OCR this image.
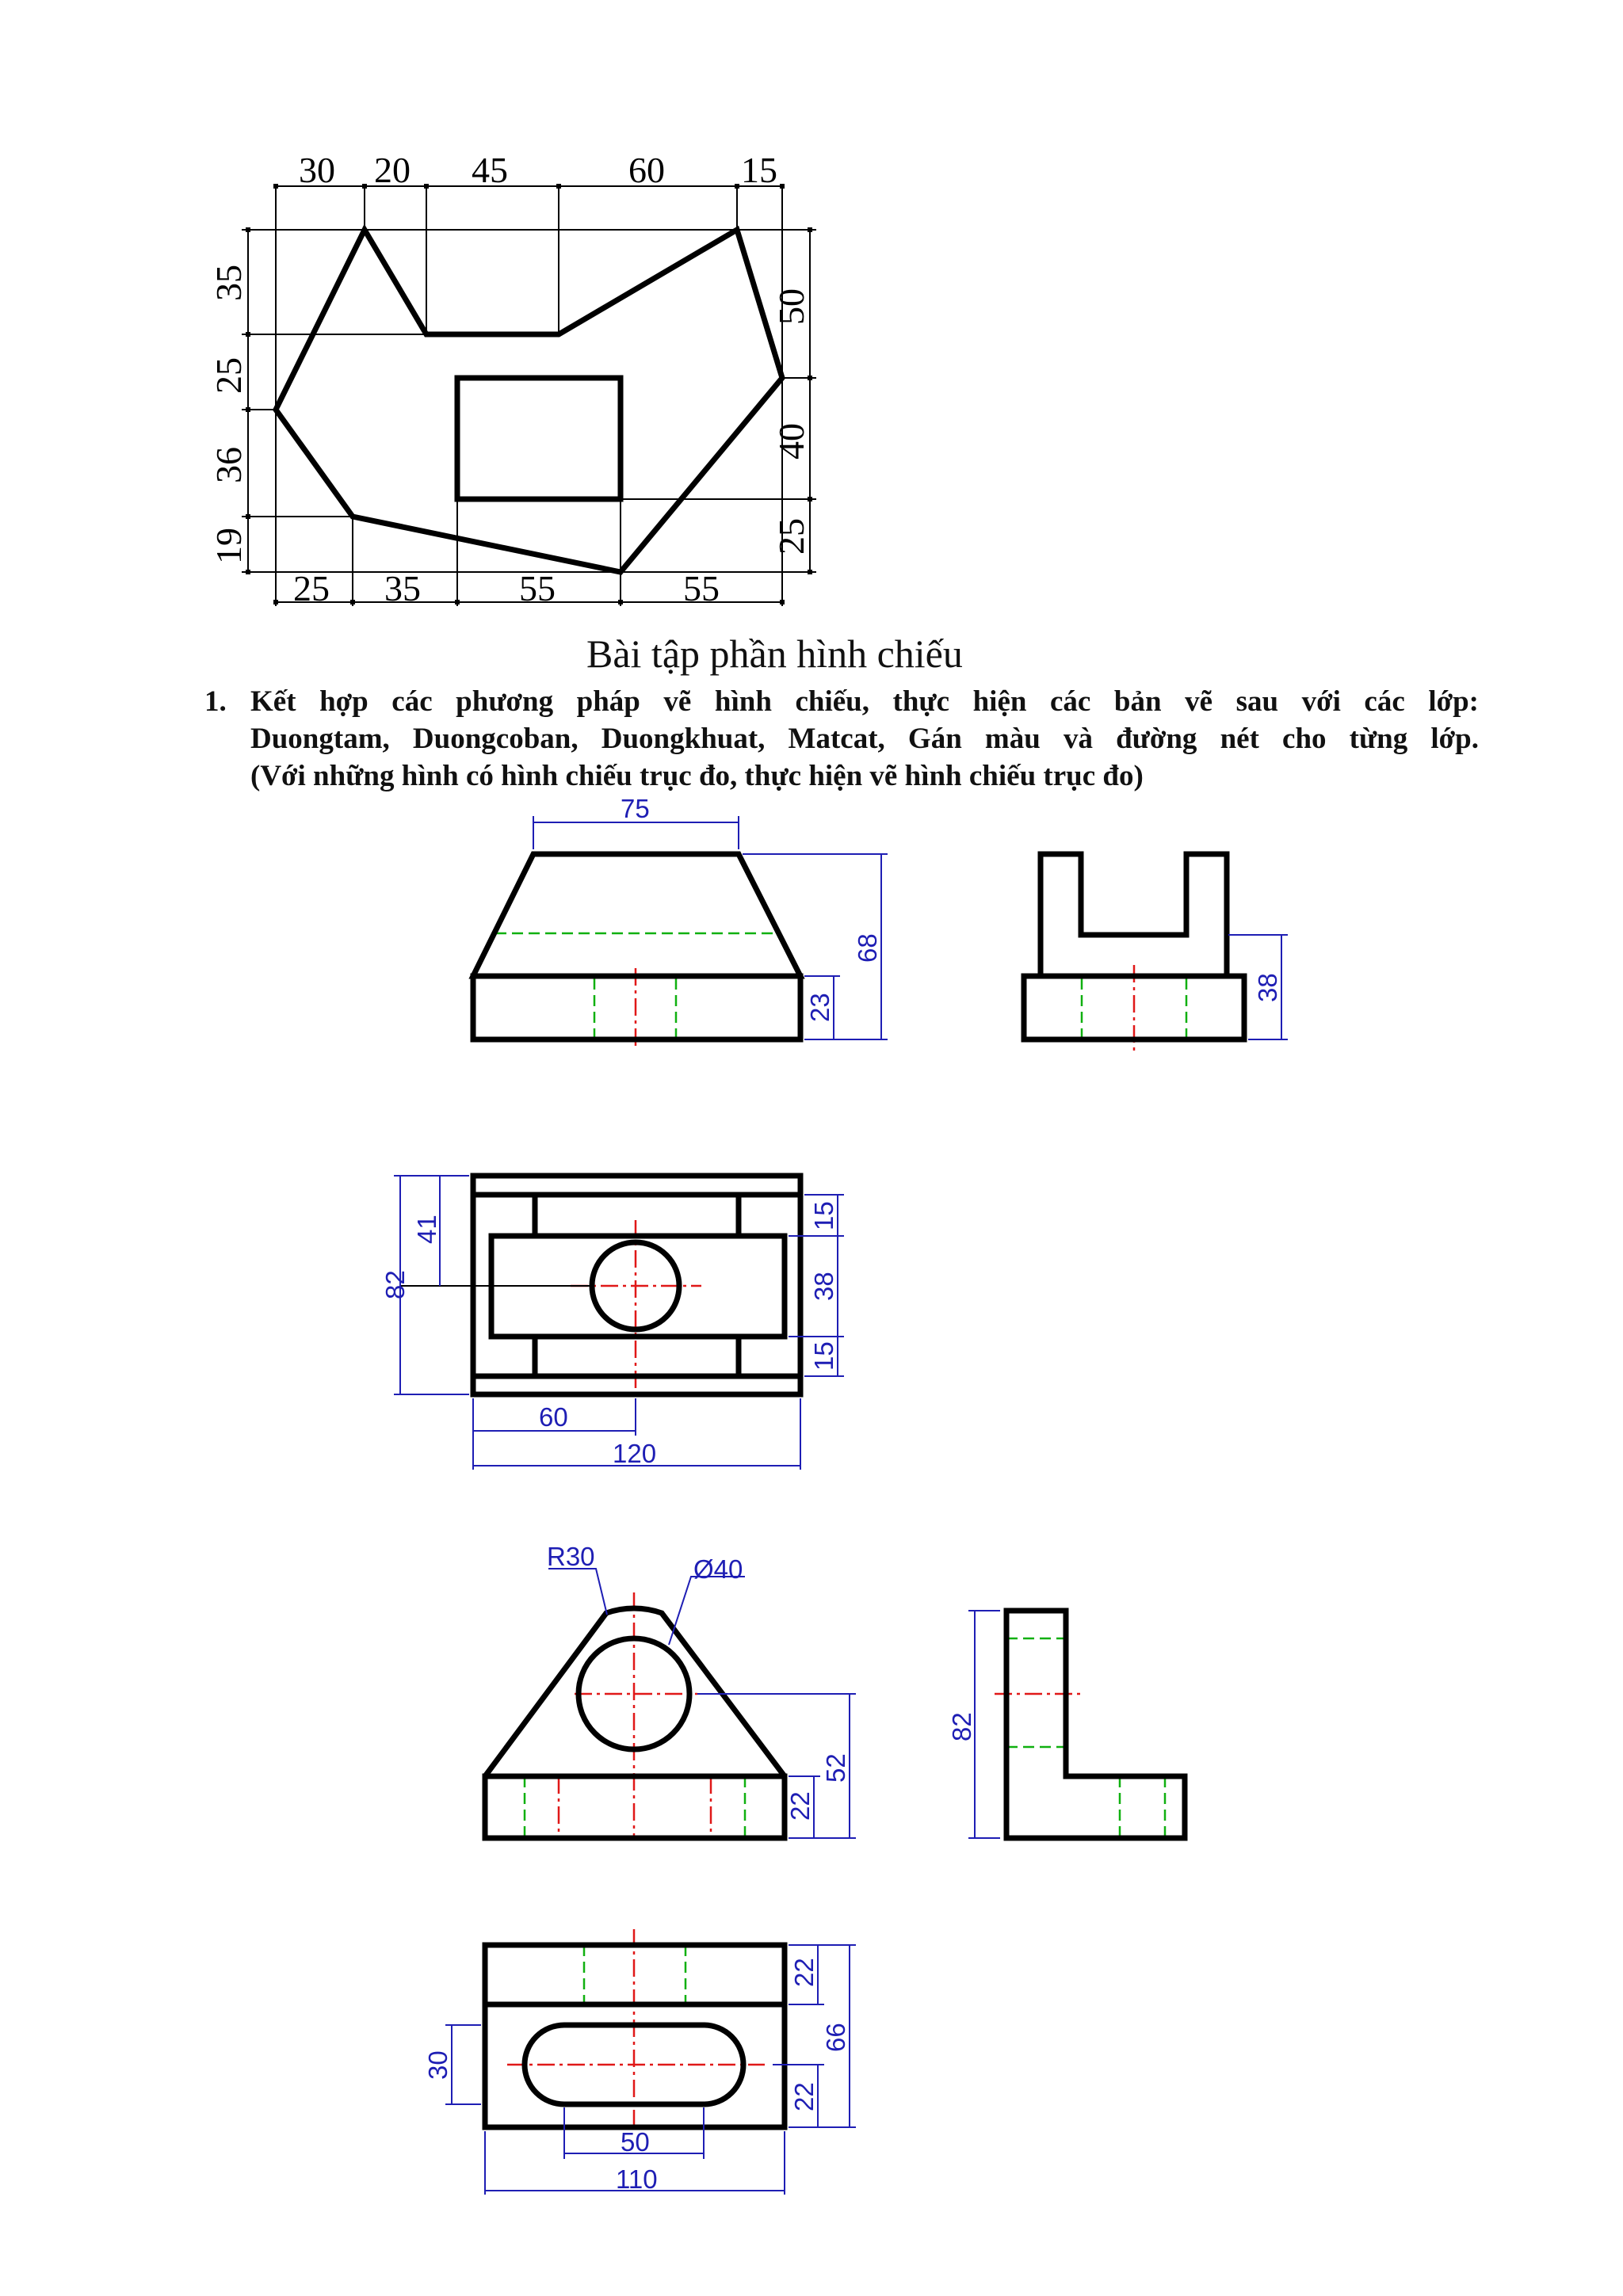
30 20 45	60 15
35
25
36
19
50
40
25
25 35	55	55
75
68
23
38
82
41	15
38
15
60
120
R30	Ø40
52
22
82
22
66
22
30
50
110
Bài tập phần hình chiếu
1. Kết hợp các phương pháp vẽ hình chiếu, thực hiện các bản vẽ sau với các lớp:
Duongtam, Duongcoban, Duongkhuat, Matcat, Gán màu và đường nét cho từng lớp.
(Với những hình có hình chiếu trục đo, thực hiện vẽ hình chiếu trục đo)
